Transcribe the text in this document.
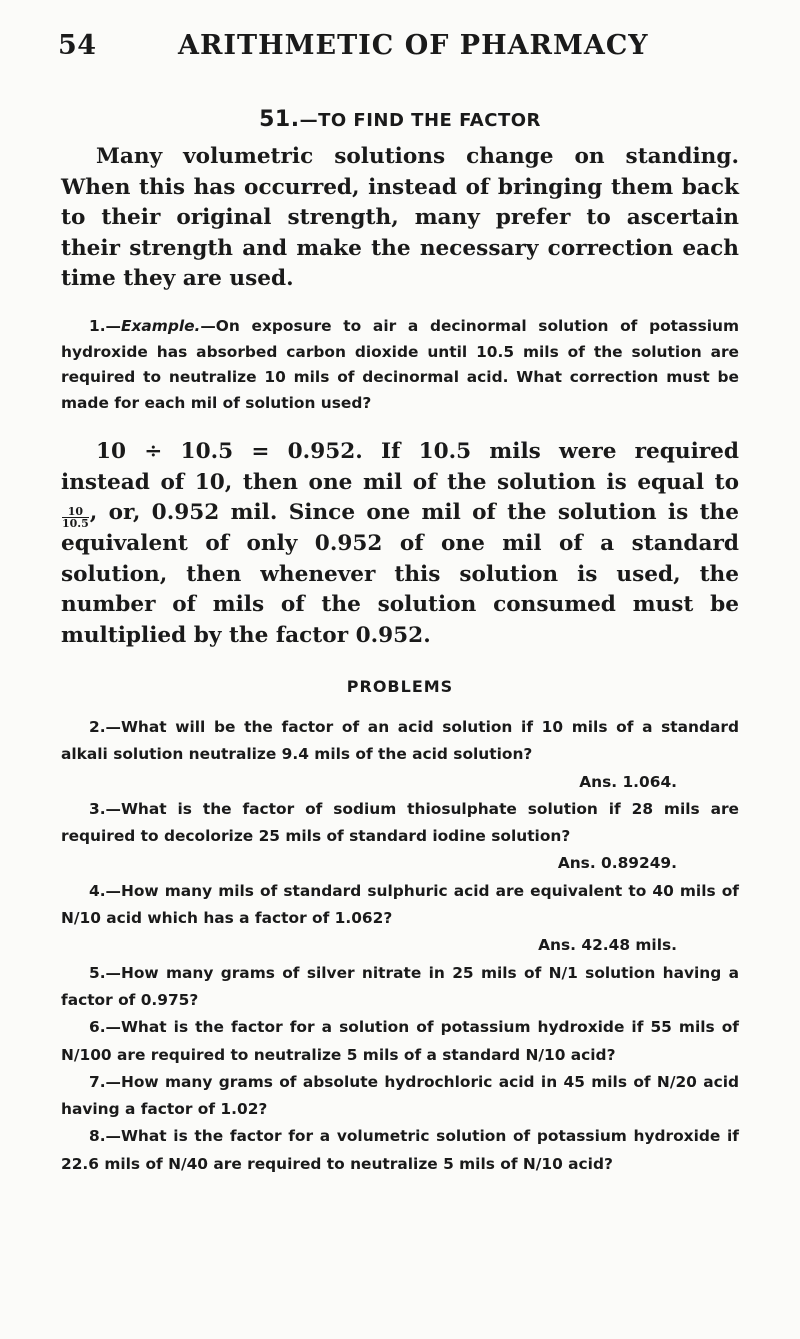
54	ARITHMETIC OF PHARMACY
51.—TO FIND THE FACTOR

Many volumetric solutions change on standing. When this has occurred, instead of bringing them back to their original strength, many prefer to ascertain their strength and make the necessary correction each time they are used.

1.—Example.—On exposure to air a decinormal solution of potassium hydroxide has absorbed carbon dioxide until 10.5 mils of the solution are required to neutralize 10 mils of decinormal acid. What correction must be made for each mil of solution used?

10 ÷ 10.5 = 0.952. If 10.5 mils were required instead of 10, then one mil of the solution is equal to
$\frac{10}{10.5}$ , or, 0.952 mil. Since one mil of the solution is the equivalent of only 0.952 of one mil of a standard solution, then whenever this solution is used, the number of mils of the solution consumed must be multiplied by the factor 0.952.

PROBLEMS

2.—What will be the factor of an acid solution if 10 mils of a standard alkali solution neutralize 9.4 mils of the acid solution?

Ans. 1.064.

3.—What is the factor of sodium thiosulphate solution if 28 mils are required to decolorize 25 mils of standard iodine solution?

Ans. 0.89249.

4.—How many mils of standard sulphuric acid are equivalent to 40 mils of N/10 acid which has a factor of 1.062?

Ans. 42.48 mils.

5.—How many grams of silver nitrate in 25 mils of N/1 solution having a factor of 0.975?

6.—What is the factor for a solution of potassium hydroxide if 55 mils of N/100 are required to neutralize 5 mils of a standard N/10 acid?

7.—How many grams of absolute hydrochloric acid in 45 mils of N/20 acid having a factor of 1.02?

8.—What is the factor for a volumetric solution of potassium hydroxide if 22.6 mils of N/40 are required to neutralize 5 mils of N/10 acid?
